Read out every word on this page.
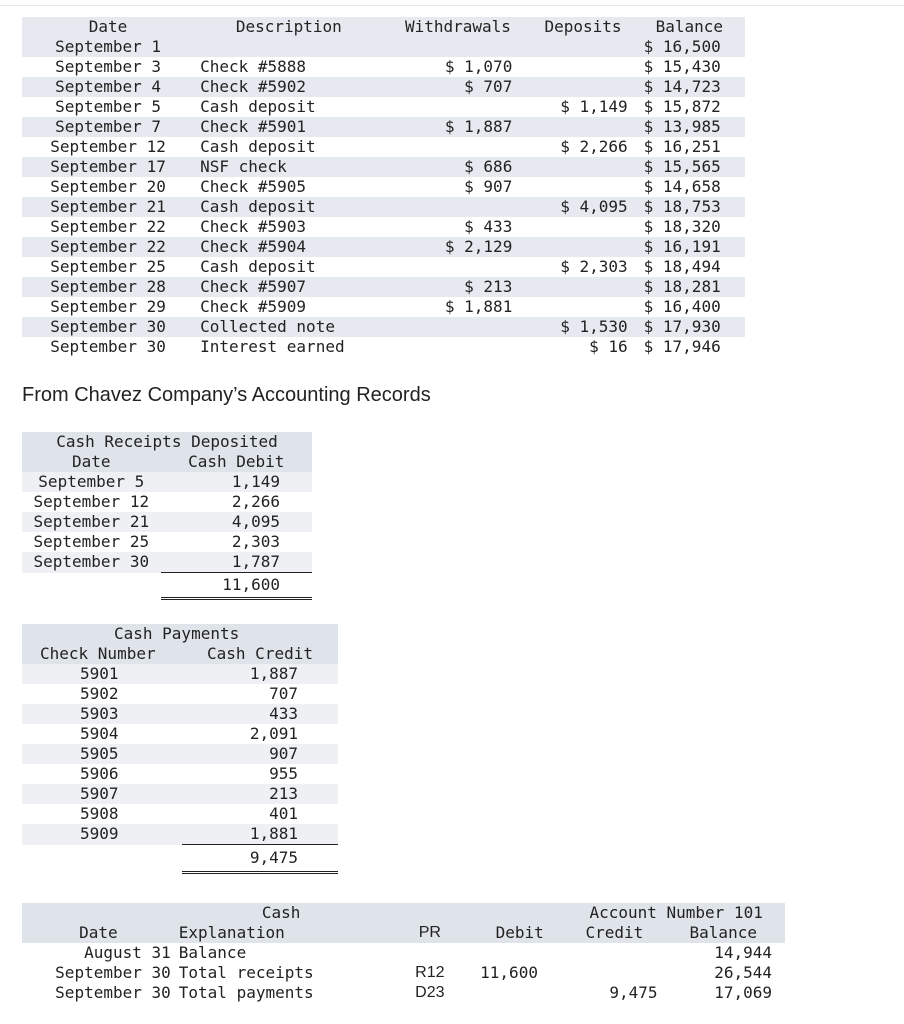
Date	Description	Withdrawals	Deposits	Balance
September 1				$ 16,500
September 3	Check #5888	$ 1,070		$ 15,430
September 4	Check #5902	$ 707		$ 14,723
September 5	Cash deposit		$ 1,149	$ 15,872
September 7	Check #5901	$ 1,887		$ 13,985
September 12	Cash deposit		$ 2,266	$ 16,251
September 17	NSF check	$ 686		$ 15,565
September 20	Check #5905	$ 907		$ 14,658
September 21	Cash deposit		$ 4,095	$ 18,753
September 22	Check #5903	$ 433		$ 18,320
September 22	Check #5904	$ 2,129		$ 16,191
September 25	Cash deposit		$ 2,303	$ 18,494
September 28	Check #5907	$ 213		$ 18,281
September 29	Check #5909	$ 1,881		$ 16,400
September 30	Collected note		$ 1,530	$ 17,930
September 30	Interest earned		$ 16	$ 17,946
From Chavez Company’s Accounting Records
Cash Receipts Deposited	
Date	Cash Debit
September 5	1,149
September 12	2,266
September 21	4,095
September 25	2,303
September 30	1,787
	11,600
Cash Payments	
Check Number	Cash Credit
5901	1,887
5902	707
5903	433
5904	2,091
5905	907
5906	955
5907	213
5908	401
5909	1,881
	9,475
	Cash			Account Number 101	
Date	Explanation	PR	Debit	Credit	Balance
August 31	Balance				14,944
September 30	Total receipts	R12	11,600		26,544
September 30	Total payments	D23		9,475	17,069
